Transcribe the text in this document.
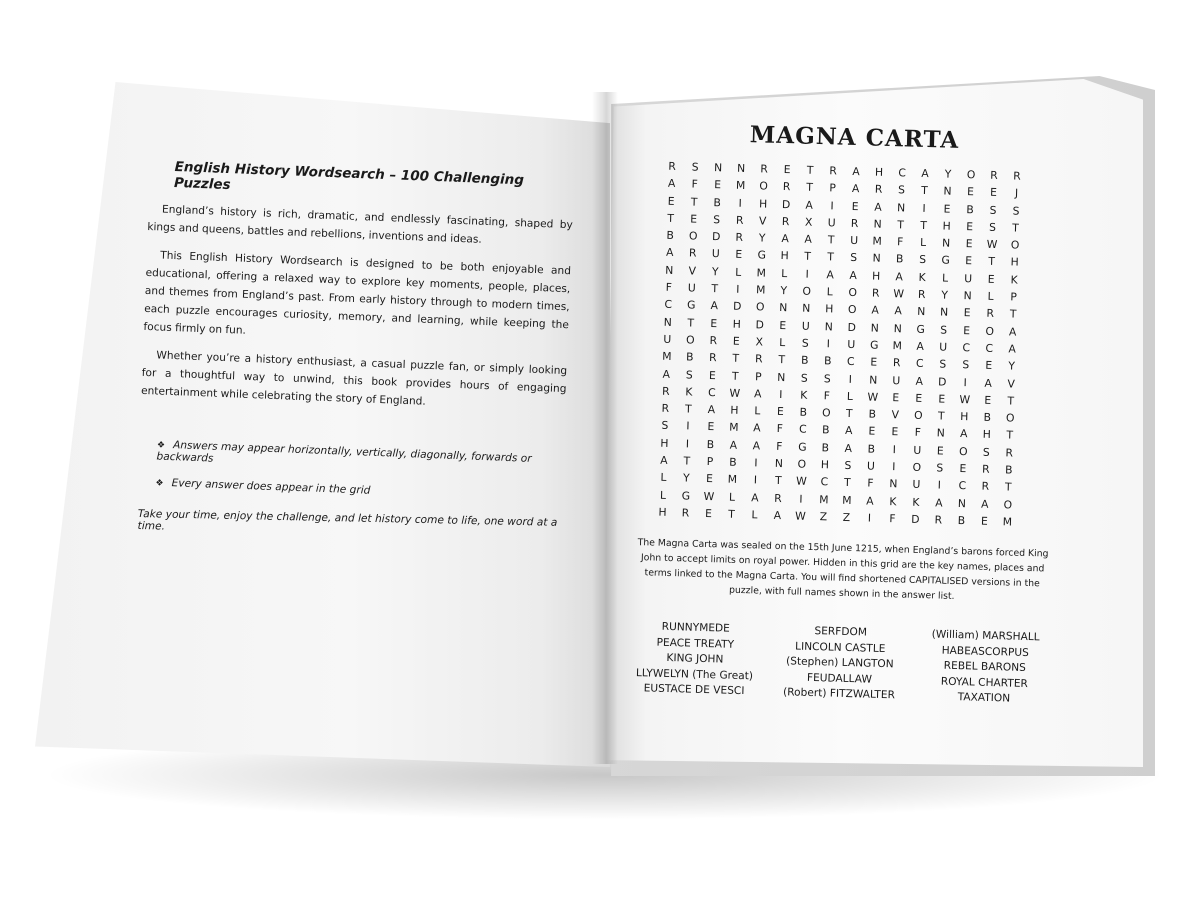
English History Wordsearch – 100 Challenging Puzzles

England’s history is rich, dramatic, and endlessly fascinating, shaped by kings and queens, battles and rebellions, inventions and ideas.

This English History Wordsearch is designed to be both enjoyable and educational, offering a relaxed way to explore key moments, people, places, and themes from England’s past. From early history through to modern times, each puzzle encourages curiosity, memory, and learning, while keeping the focus firmly on fun.

Whether you’re a history enthusiast, a casual puzzle fan, or simply looking for a thoughtful way to unwind, this book provides hours of engaging entertainment while celebrating the story of England.

❖ Answers may appear horizontally, vertically, diagonally, forwards or backwards
❖ Every answer does appear in the grid
Take your time, enjoy the challenge, and let history come to life, one word at a time.
MAGNA CARTA
R	S	N	N	R	E	T	R	A	H	C	A	Y	O	R	R
A	F	E	M	O	R	T	P	A	R	S	T	N	E	E	J
E	T	B	I	H	D	A	I	E	A	N	I	E	B	S	S
T	E	S	R	V	R	X	U	R	N	T	T	H	E	S	T
B	O	D	R	Y	A	A	T	U	M	F	L	N	E	W	O
A	R	U	E	G	H	T	T	S	N	B	S	G	E	T	H
N	V	Y	L	M	L	I	A	A	H	A	K	L	U	E	K
F	U	T	I	M	Y	O	L	O	R	W	R	Y	N	L	P
C	G	A	D	O	N	N	H	O	A	A	N	N	E	R	T
N	T	E	H	D	E	U	N	D	N	N	G	S	E	O	A
U	O	R	E	X	L	S	I	U	G	M	A	U	C	C	A
M	B	R	T	R	T	B	B	C	E	R	C	S	S	E	Y
A	S	E	T	P	N	S	S	I	N	U	A	D	I	A	V
R	K	C	W	A	I	K	F	L	W	E	E	E	W	E	T
R	T	A	H	L	E	B	O	T	B	V	O	T	H	B	O
S	I	E	M	A	F	C	B	A	E	E	F	N	A	H	T
H	I	B	A	A	F	G	B	A	B	I	U	E	O	S	R
A	T	P	B	I	N	O	H	S	U	I	O	S	E	R	B
L	Y	E	M	I	T	W	C	T	F	N	U	I	C	R	T
L	G	W	L	A	R	I	M	M	A	K	K	A	N	A	O
H	R	E	T	L	A	W	Z	Z	I	F	D	R	B	E	M

The Magna Carta was sealed on the 15th June 1215, when England’s barons forced King John to accept limits on royal power. Hidden in this grid are the key names, places and terms linked to the Magna Carta. You will find shortened CAPITALISED versions in the puzzle, with full names shown in the answer list.

RUNNYMEDE
PEACE TREATY
KING JOHN
LLYWELYN (The Great)
EUSTACE DE VESCI
SERFDOM
LINCOLN CASTLE
(Stephen) LANGTON
FEUDALLAW
(Robert) FITZWALTER
(William) MARSHALL
HABEASCORPUS
REBEL BARONS
ROYAL CHARTER
TAXATION
